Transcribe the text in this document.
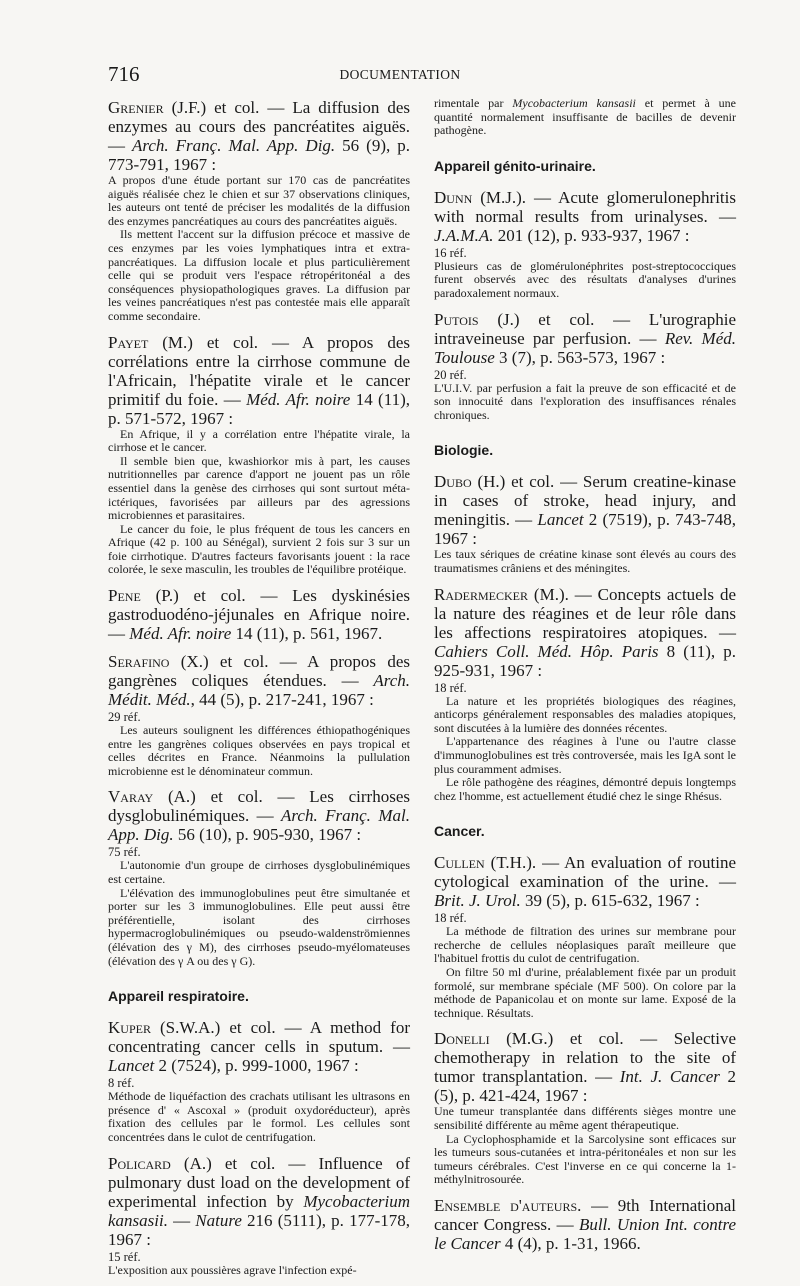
716	DOCUMENTATION

Grenier (J.F.) et col. — La diffusion des enzymes au cours des pancréatites aiguës. — Arch. Franç. Mal. App. Dig. 56 (9), p. 773-791, 1967 :

A propos d'une étude portant sur 170 cas de pancréatites aiguës réalisée chez le chien et sur 37 observations cliniques, les auteurs ont tenté de préciser les modalités de la diffusion des enzymes pancréatiques au cours des pancréatites aiguës.

Ils mettent l'accent sur la diffusion précoce et massive de ces enzymes par les voies lymphatiques intra et extra-pancréatiques. La diffusion locale et plus particulièrement celle qui se produit vers l'espace rétropéritonéal a des conséquences physiopathologiques graves. La diffusion par les veines pancréatiques n'est pas contestée mais elle apparaît comme secondaire.

Payet (M.) et col. — A propos des corrélations entre la cirrhose commune de l'Africain, l'hépatite virale et le cancer primitif du foie. — Méd. Afr. noire 14 (11), p. 571-572, 1967 :

En Afrique, il y a corrélation entre l'hépatite virale, la cirrhose et le cancer.

Il semble bien que, kwashiorkor mis à part, les causes nutritionnelles par carence d'apport ne jouent pas un rôle essentiel dans la genèse des cirrhoses qui sont surtout méta-ictériques, favorisées par ailleurs par des agressions microbiennes et parasitaires.

Le cancer du foie, le plus fréquent de tous les cancers en Afrique (42 p. 100 au Sénégal), survient 2 fois sur 3 sur un foie cirrhotique. D'autres facteurs favorisants jouent : la race colorée, le sexe masculin, les troubles de l'équilibre protéique.

Pene (P.) et col. — Les dyskinésies gastroduodéno-jéjunales en Afrique noire. — Méd. Afr. noire 14 (11), p. 561, 1967.

Serafino (X.) et col. — A propos des gangrènes coliques étendues. — Arch. Médit. Méd., 44 (5), p. 217-241, 1967 :

29 réf.

Les auteurs soulignent les différences éthiopathogéniques entre les gangrènes coliques observées en pays tropical et celles décrites en France. Néanmoins la pullulation microbienne est le dénominateur commun.

Varay (A.) et col. — Les cirrhoses dysglobulinémiques. — Arch. Franç. Mal. App. Dig. 56 (10), p. 905-930, 1967 :

75 réf.

L'autonomie d'un groupe de cirrhoses dysglobulinémiques est certaine.

L'élévation des immunoglobulines peut être simultanée et porter sur les 3 immunoglobulines. Elle peut aussi être préférentielle, isolant des cirrhoses hypermacroglobulinémiques ou pseudo-waldenströmiennes (élévation des γ M), des cirrhoses pseudo-myélomateuses (élévation des γ A ou des γ G).

Appareil respiratoire.

Kuper (S.W.A.) et col. — A method for concentrating cancer cells in sputum. — Lancet 2 (7524), p. 999-1000, 1967 :

8 réf.

Méthode de liquéfaction des crachats utilisant les ultrasons en présence d' « Ascoxal » (produit oxydoréducteur), après fixation des cellules par le formol. Les cellules sont concentrées dans le culot de centrifugation.

Policard (A.) et col. — Influence of pulmonary dust load on the development of experimental infection by Mycobacterium kansasii. — Nature 216 (5111), p. 177-178, 1967 :

15 réf.

L'exposition aux poussières agrave l'infection expé-

rimentale par Mycobacterium kansasii et permet à une quantité normalement insuffisante de bacilles de devenir pathogène.

Appareil génito-urinaire.

Dunn (M.J.). — Acute glomerulonephritis with normal results from urinalyses. — J.A.M.A. 201 (12), p. 933-937, 1967 :

16 réf.

Plusieurs cas de glomérulonéphrites post-streptococciques furent observés avec des résultats d'analyses d'urines paradoxalement normaux.

Putois (J.) et col. — L'urographie intraveineuse par perfusion. — Rev. Méd. Toulouse 3 (7), p. 563-573, 1967 :

20 réf.

L'U.I.V. par perfusion a fait la preuve de son efficacité et de son innocuité dans l'exploration des insuffisances rénales chroniques.

Biologie.

Dubo (H.) et col. — Serum creatine-kinase in cases of stroke, head injury, and meningitis. — Lancet 2 (7519), p. 743-748, 1967 :

Les taux sériques de créatine kinase sont élevés au cours des traumatismes crâniens et des méningites.

Radermecker (M.). — Concepts actuels de la nature des réagines et de leur rôle dans les affections respiratoires atopiques. — Cahiers Coll. Méd. Hôp. Paris 8 (11), p. 925-931, 1967 :

18 réf.

La nature et les propriétés biologiques des réagines, anticorps généralement responsables des maladies atopiques, sont discutées à la lumière des données récentes.

L'appartenance des réagines à l'une ou l'autre classe d'immunoglobulines est très controversée, mais les IgA sont le plus couramment admises.

Le rôle pathogène des réagines, démontré depuis longtemps chez l'homme, est actuellement étudié chez le singe Rhésus.

Cancer.

Cullen (T.H.). — An evaluation of routine cytological examination of the urine. — Brit. J. Urol. 39 (5), p. 615-632, 1967 :

18 réf.

La méthode de filtration des urines sur membrane pour recherche de cellules néoplasiques paraît meilleure que l'habituel frottis du culot de centrifugation.

On filtre 50 ml d'urine, préalablement fixée par un produit formolé, sur membrane spéciale (MF 500). On colore par la méthode de Papanicolau et on monte sur lame. Exposé de la technique. Résultats.

Donelli (M.G.) et col. — Selective chemotherapy in relation to the site of tumor transplantation. — Int. J. Cancer 2 (5), p. 421-424, 1967 :

Une tumeur transplantée dans différents sièges montre une sensibilité différente au même agent thérapeutique.

La Cyclophosphamide et la Sarcolysine sont efficaces sur les tumeurs sous-cutanées et intra-péritonéales et non sur les tumeurs cérébrales. C'est l'inverse en ce qui concerne la 1-méthylnitrosourée.

Ensemble d'auteurs. — 9th International cancer Congress. — Bull. Union Int. contre le Cancer 4 (4), p. 1-31, 1966.
